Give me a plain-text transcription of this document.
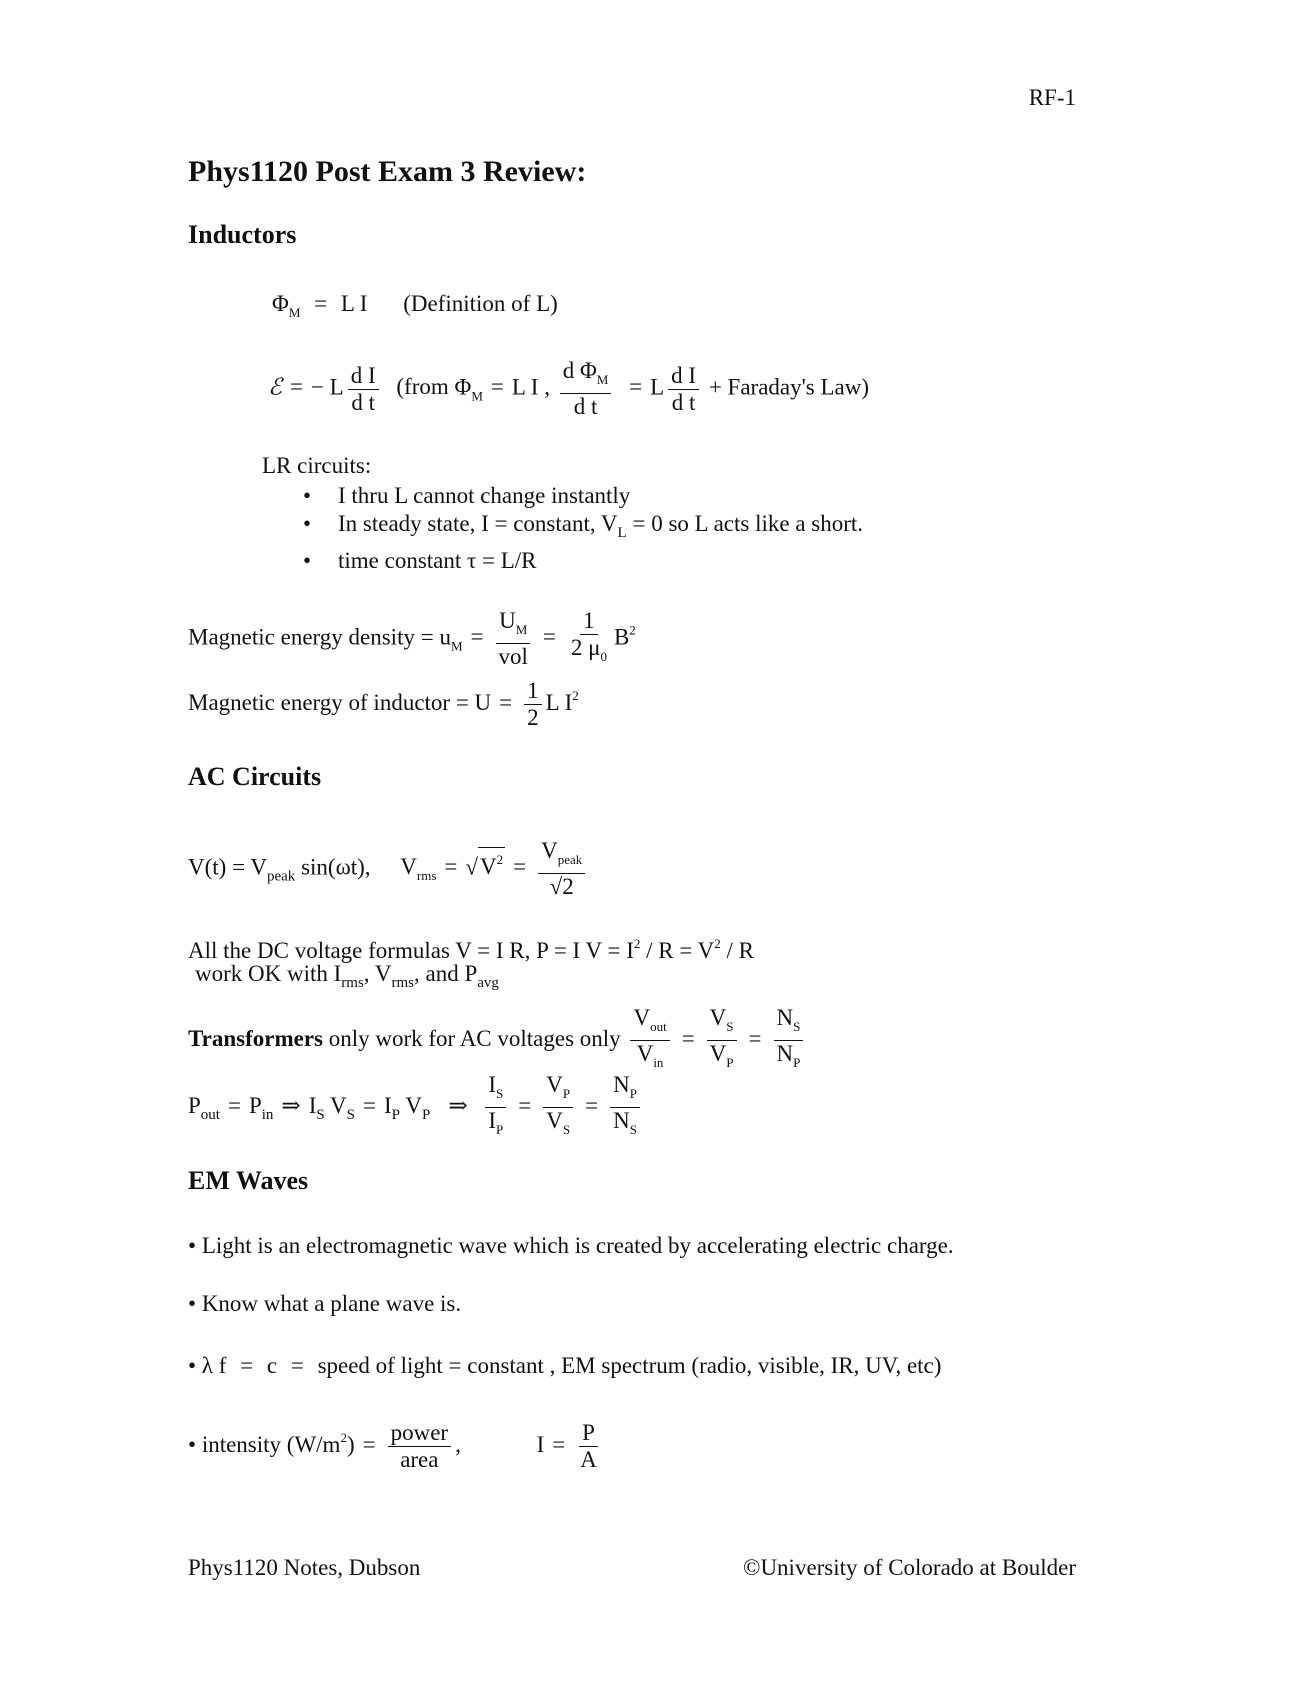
RF-1
Phys1120 Post Exam 3 Review:
Inductors
$\Phi_M = L$ I (Definition of L)
ℰ = − L $\frac{\text{d I}}{\text{d t}}$ (from $\Phi_M = L$ I , $\frac{d \Phi_M}{\text{d t}} = L \frac{\text{d I}}{\text{d t}}$ + Faraday's Law)
LR circuits:
• I thru L cannot change instantly
• In steady state, I = constant, $V_L = 0$ so L acts like a short.
• time constant τ = L/R
Magnetic energy density = $u_M = \frac{U_M}{\text{vol}} = \frac{1}{2 \mu_0} B^2$
Magnetic energy of inductor = $U = \frac{1}{2}$ L $I^2$
AC Circuits
$V(t) = V_{peak}$ sin(ωt), $V_{rms} = √V^2 = \frac{V_{peak}}{√2}$
All the DC voltage formulas V = I R, P = I $V = I^2 / R = V^2 / R$
work OK with $I_{rms}$, $V_{rms}$, and $P_{avg}$
Transformers only work for AC voltages only $\frac{V_{out}}{V_{in}} = \frac{V_S}{V_P} = \frac{N_S}{N_P}$
$P_{out} = P_{in}$ ⇒ $I_S$ $V_S = I_P$ $V_P$ ⇒ $\frac{I_S}{I_P} = \frac{V_P}{V_S} = \frac{N_P}{N_S}$
EM Waves
• Light is an electromagnetic wave which is created by accelerating electric charge.
• Know what a plane wave is.
• λ f = c = speed of light = constant , EM spectrum (radio, visible, IR, UV, etc)
• intensity $(W/m^2) = \frac{\text{power}}{\text{area}}$ ,	$I = \frac{P}{A}$
Phys1120 Notes, Dubson	©University of Colorado at Boulder
